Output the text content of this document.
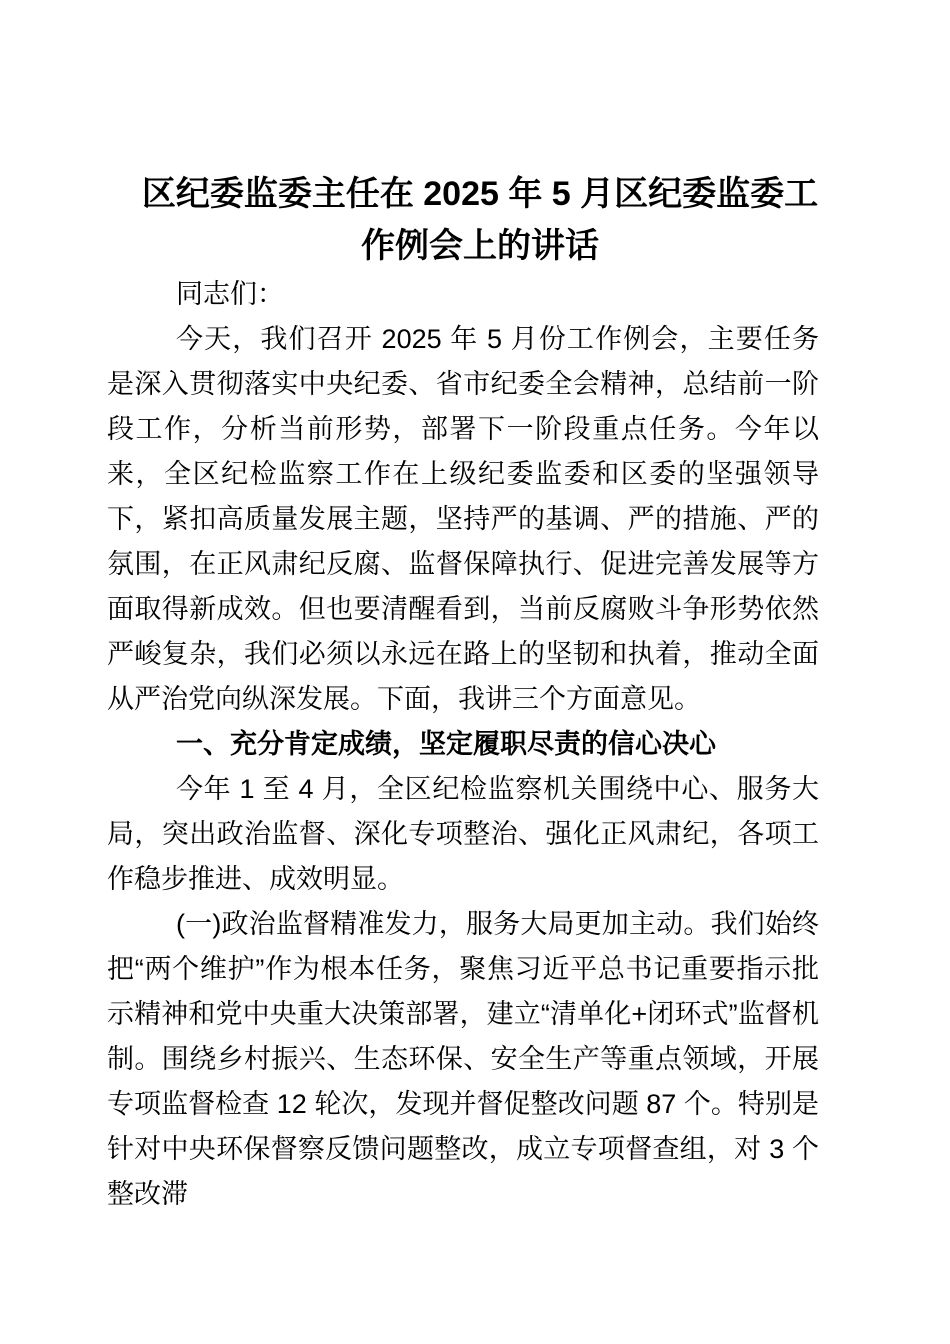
区纪委监委主任在 2025 年 5 月区纪委监委工
作例会上的讲话

同志们：

今天，我们召开 2025 年 5 月份工作例会，主要任务是深入贯彻落实中央纪委、省市纪委全会精神，总结前一阶段工作，分析当前形势，部署下一阶段重点任务。今年以来，全区纪检监察工作在上级纪委监委和区委的坚强领导下，紧扣高质量发展主题，坚持严的基调、严的措施、严的氛围，在正风肃纪反腐、监督保障执行、促进完善发展等方面取得新成效。但也要清醒看到，当前反腐败斗争形势依然严峻复杂，我们必须以永远在路上的坚韧和执着，推动全面从严治党向纵深发展。下面，我讲三个方面意见。

一、充分肯定成绩，坚定履职尽责的信心决心

今年 1 至 4 月，全区纪检监察机关围绕中心、服务大局，突出政治监督、深化专项整治、强化正风肃纪，各项工作稳步推进、成效明显。

(一)政治监督精准发力，服务大局更加主动。我们始终把“两个维护”作为根本任务，聚焦习近平总书记重要指示批示精神和党中央重大决策部署，建立“清单化+闭环式”监督机制。围绕乡村振兴、生态环保、安全生产等重点领域，开展专项监督检查 12 轮次，发现并督促整改问题 87 个。特别是针对中央环保督察反馈问题整改，成立专项督查组，对 3 个整改滞
